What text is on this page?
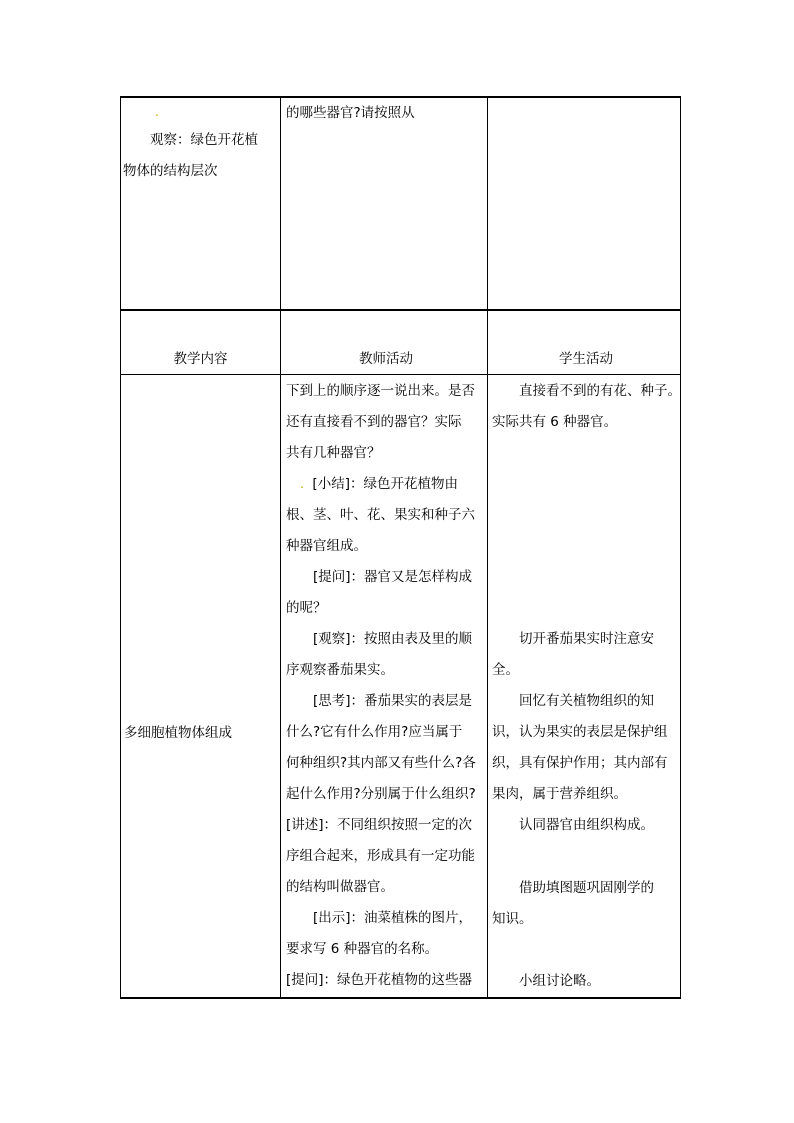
.
观察：绿色开花植
物体的结构层次
的哪些器官?请按照从
教学内容	教师活动	学生活动
多细胞植物体组成
下到上的顺序逐一说出来。是否
还有直接看不到的器官？实际
共有几种器官？
. [小结]：绿色开花植物由
根、茎、叶、花、果实和种子六
种器官组成。
[提问]：器官又是怎样构成
的呢？
[观察]：按照由表及里的顺
序观察番茄果实。
[思考]：番茄果实的表层是
什么?它有什么作用?应当属于
何种组织?其内部又有些什么?各
起什么作用?分别属于什么组织?
[讲述]：不同组织按照一定的次
序组合起来，形成具有一定功能
的结构叫做器官。
[出示]：油菜植株的图片，
要求写 6 种器官的名称。
[提问]：绿色开花植物的这些器
直接看不到的有花、种子。
实际共有 6 种器官。
切开番茄果实时注意安
全。
回忆有关植物组织的知
识，认为果实的表层是保护组
织，具有保护作用；其内部有
果肉，属于营养组织。
认同器官由组织构成。
借助填图题巩固刚学的
知识。
小组讨论略。
